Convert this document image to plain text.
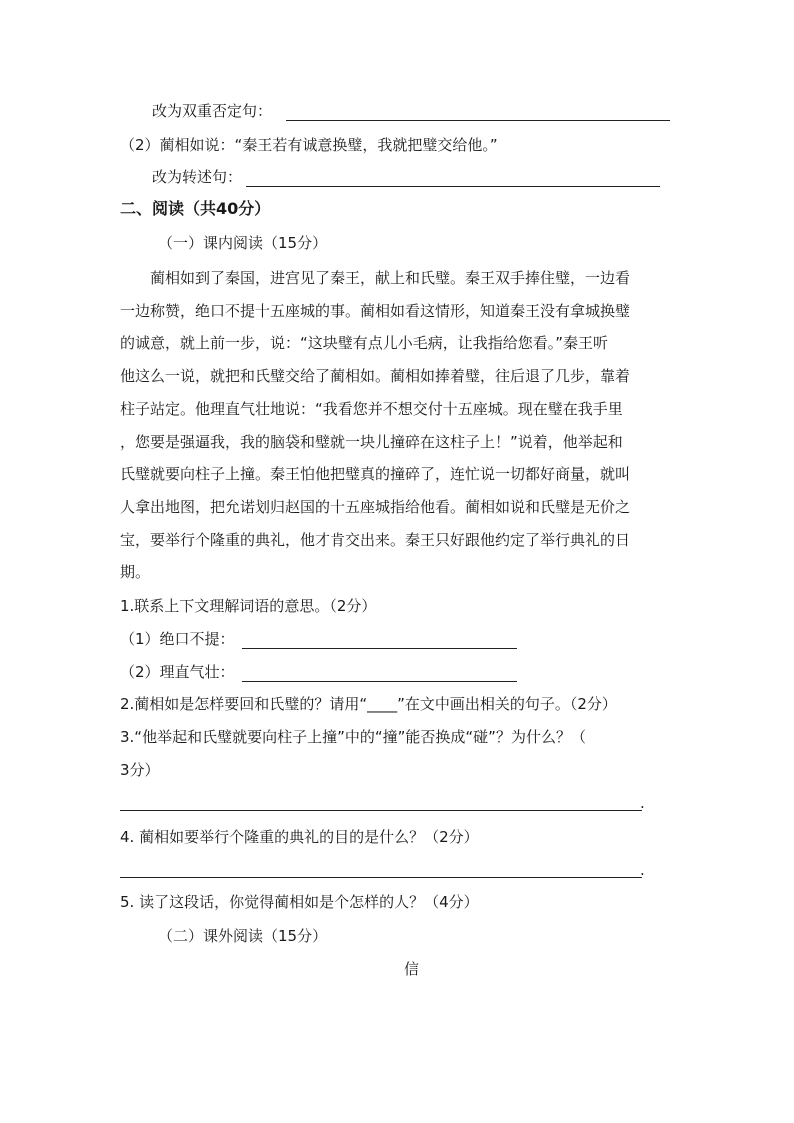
改为双重否定句：
（2）蔺相如说：“秦王若有诚意换璧，我就把璧交给他。”
改为转述句：
二、阅读（共40分）
（一）课内阅读（15分）
蔺相如到了秦国，进宫见了秦王，献上和氏璧。秦王双手捧住璧，一边看
一边称赞，绝口不提十五座城的事。蔺相如看这情形，知道秦王没有拿城换璧
的诚意，就上前一步，说：“这块璧有点儿小毛病，让我指给您看。”秦王听
他这么一说，就把和氏璧交给了蔺相如。蔺相如捧着璧，往后退了几步，靠着
柱子站定。他理直气壮地说：“我看您并不想交付十五座城。现在璧在我手里
，您要是强逼我，我的脑袋和璧就一块儿撞碎在这柱子上！”说着，他举起和
氏璧就要向柱子上撞。秦王怕他把璧真的撞碎了，连忙说一切都好商量，就叫
人拿出地图，把允诺划归赵国的十五座城指给他看。蔺相如说和氏璧是无价之
宝，要举行个隆重的典礼，他才肯交出来。秦王只好跟他约定了举行典礼的日
期。
1.联系上下文理解词语的意思。（2分）
（1）绝口不提：
（2）理直气壮：
2.蔺相如是怎样要回和氏璧的？请用“____”在文中画出相关的句子。（2分）
3.“他举起和氏璧就要向柱子上撞”中的“撞”能否换成“碰”？为什么？（
3分）
.
4. 蔺相如要举行个隆重的典礼的目的是什么？（2分）
.
5. 读了这段话，你觉得蔺相如是个怎样的人？（4分）
（二）课外阅读（15分）
信
